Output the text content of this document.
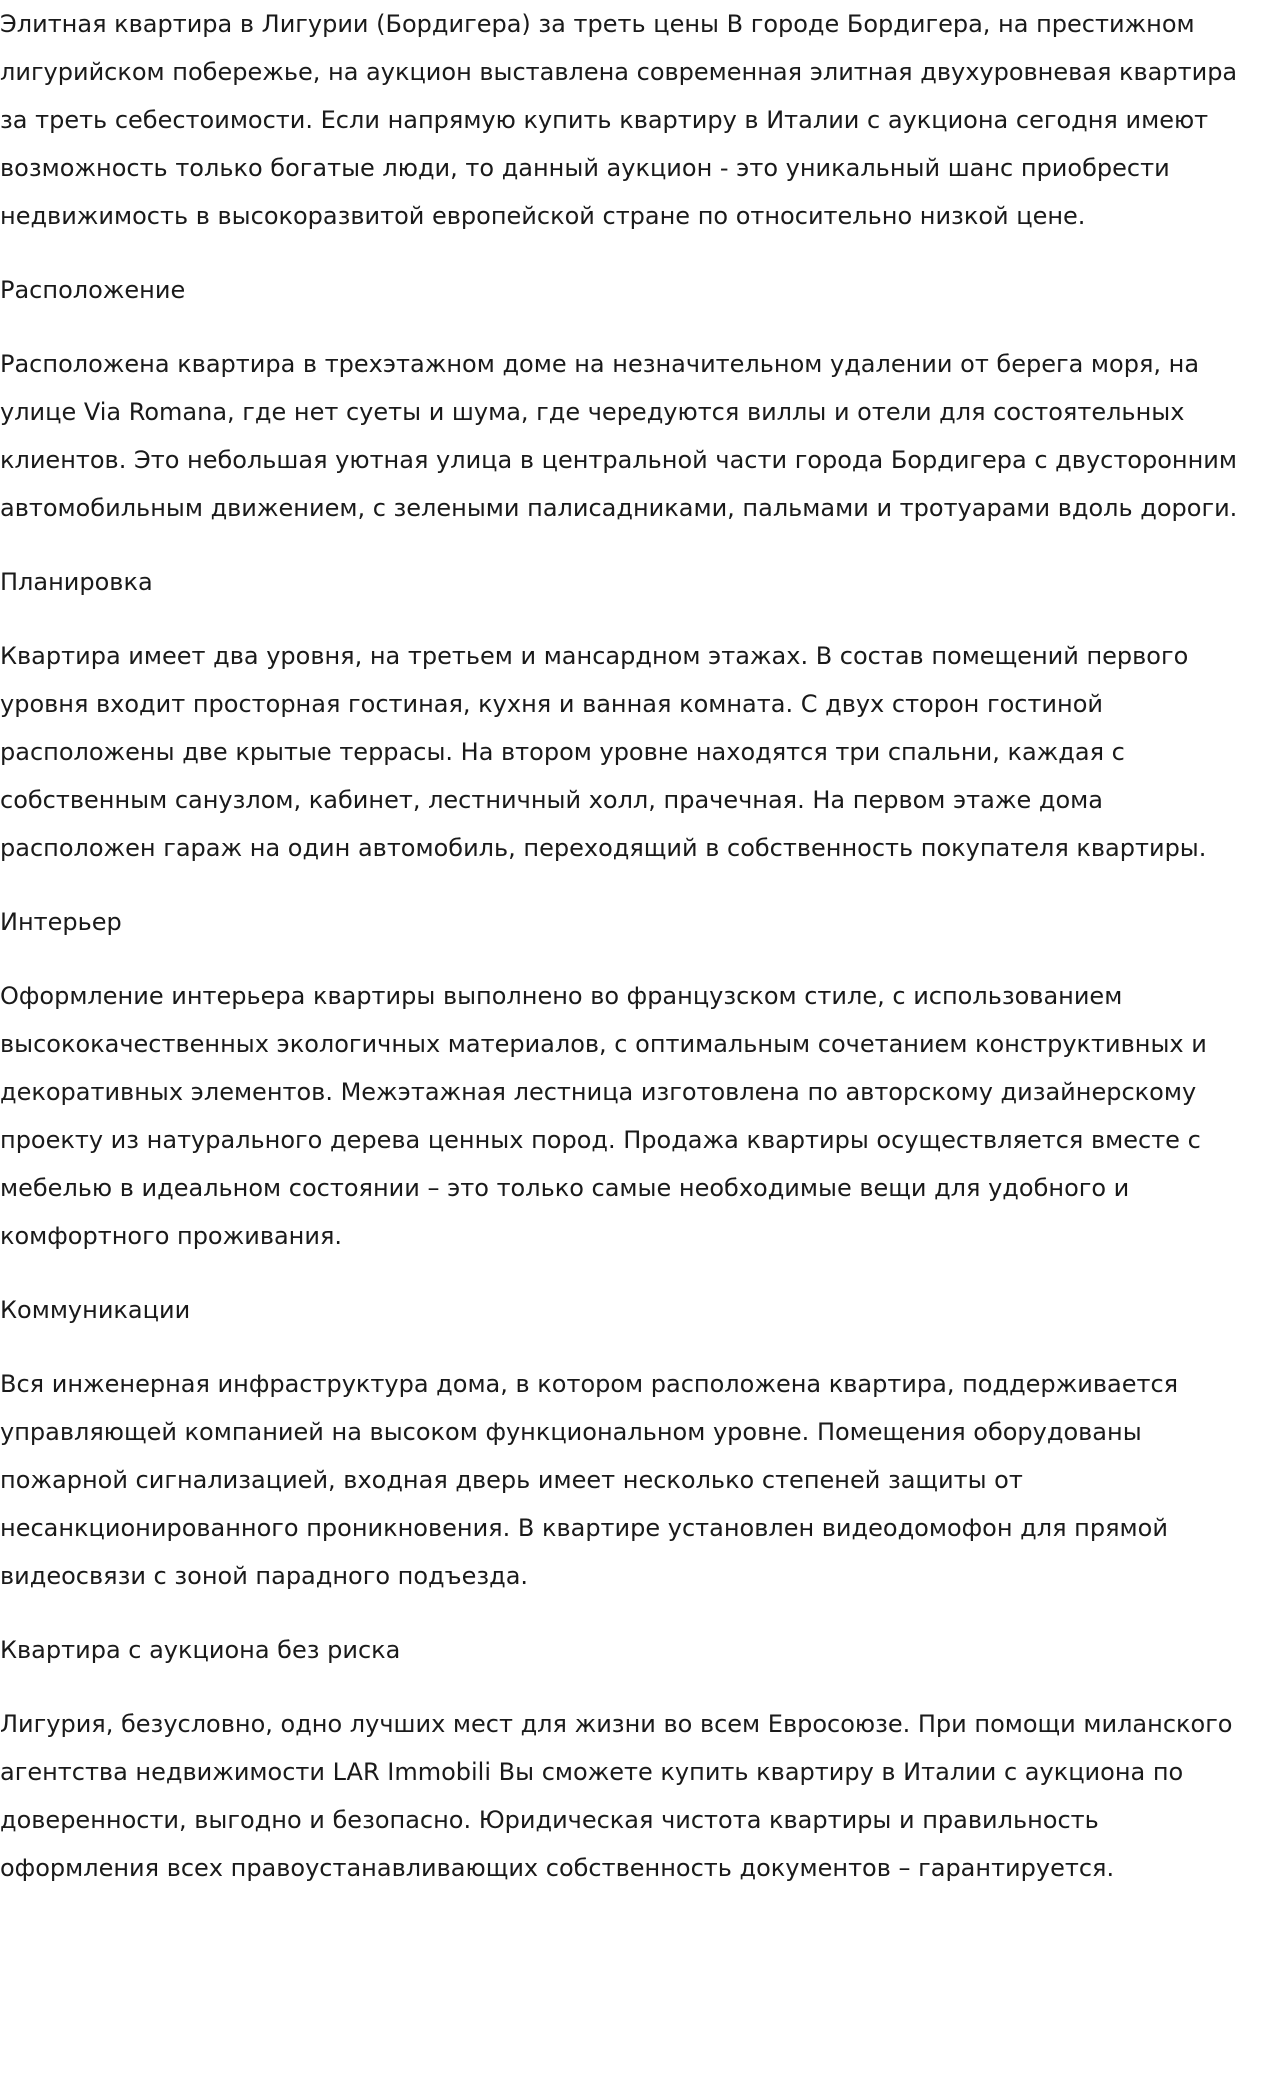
Элитная квартира в Лигурии (Бордигера) за треть цены В городе Бордигера, на престижном лигурийском побережье, на аукцион выставлена современная элитная двухуровневая квартира за треть себестоимости. Если напрямую купить квартиру в Италии с аукциона сегодня имеют возможность только богатые люди, то данный аукцион - это уникальный шанс приобрести недвижимость в высокоразвитой европейской стране по относительно низкой цене.

Расположение

Расположена квартира в трехэтажном доме на незначительном удалении от берега моря, на улице Via Romana, где нет суеты и шума, где чередуются виллы и отели для состоятельных клиентов. Это небольшая уютная улица в центральной части города Бордигера с двусторонним автомобильным движением, с зелеными палисадниками, пальмами и тротуарами вдоль дороги.

Планировка

Квартира имеет два уровня, на третьем и мансардном этажах. В состав помещений первого уровня входит просторная гостиная, кухня и ванная комната. С двух сторон гостиной расположены две крытые террасы. На втором уровне находятся три спальни, каждая с собственным санузлом, кабинет, лестничный холл, прачечная. На первом этаже дома расположен гараж на один автомобиль, переходящий в собственность покупателя квартиры.

Интерьер

Оформление интерьера квартиры выполнено во французском стиле, с использованием высококачественных экологичных материалов, с оптимальным сочетанием конструктивных и декоративных элементов. Межэтажная лестница изготовлена по авторскому дизайнерскому проекту из натурального дерева ценных пород. Продажа квартиры осуществляется вместе с мебелью в идеальном состоянии – это только самые необходимые вещи для удобного и комфортного проживания.

Коммуникации

Вся инженерная инфраструктура дома, в котором расположена квартира, поддерживается управляющей компанией на высоком функциональном уровне. Помещения оборудованы пожарной сигнализацией, входная дверь имеет несколько степеней защиты от несанкционированного проникновения. В квартире установлен видеодомофон для прямой видеосвязи с зоной парадного подъезда.

Квартира с аукциона без риска

Лигурия, безусловно, одно лучших мест для жизни во всем Евросоюзе. При помощи миланского агентства недвижимости LAR Immobili Вы сможете купить квартиру в Италии с аукциона по доверенности, выгодно и безопасно. Юридическая чистота квартиры и правильность оформления всех правоустанавливающих собственность документов – гарантируется.
